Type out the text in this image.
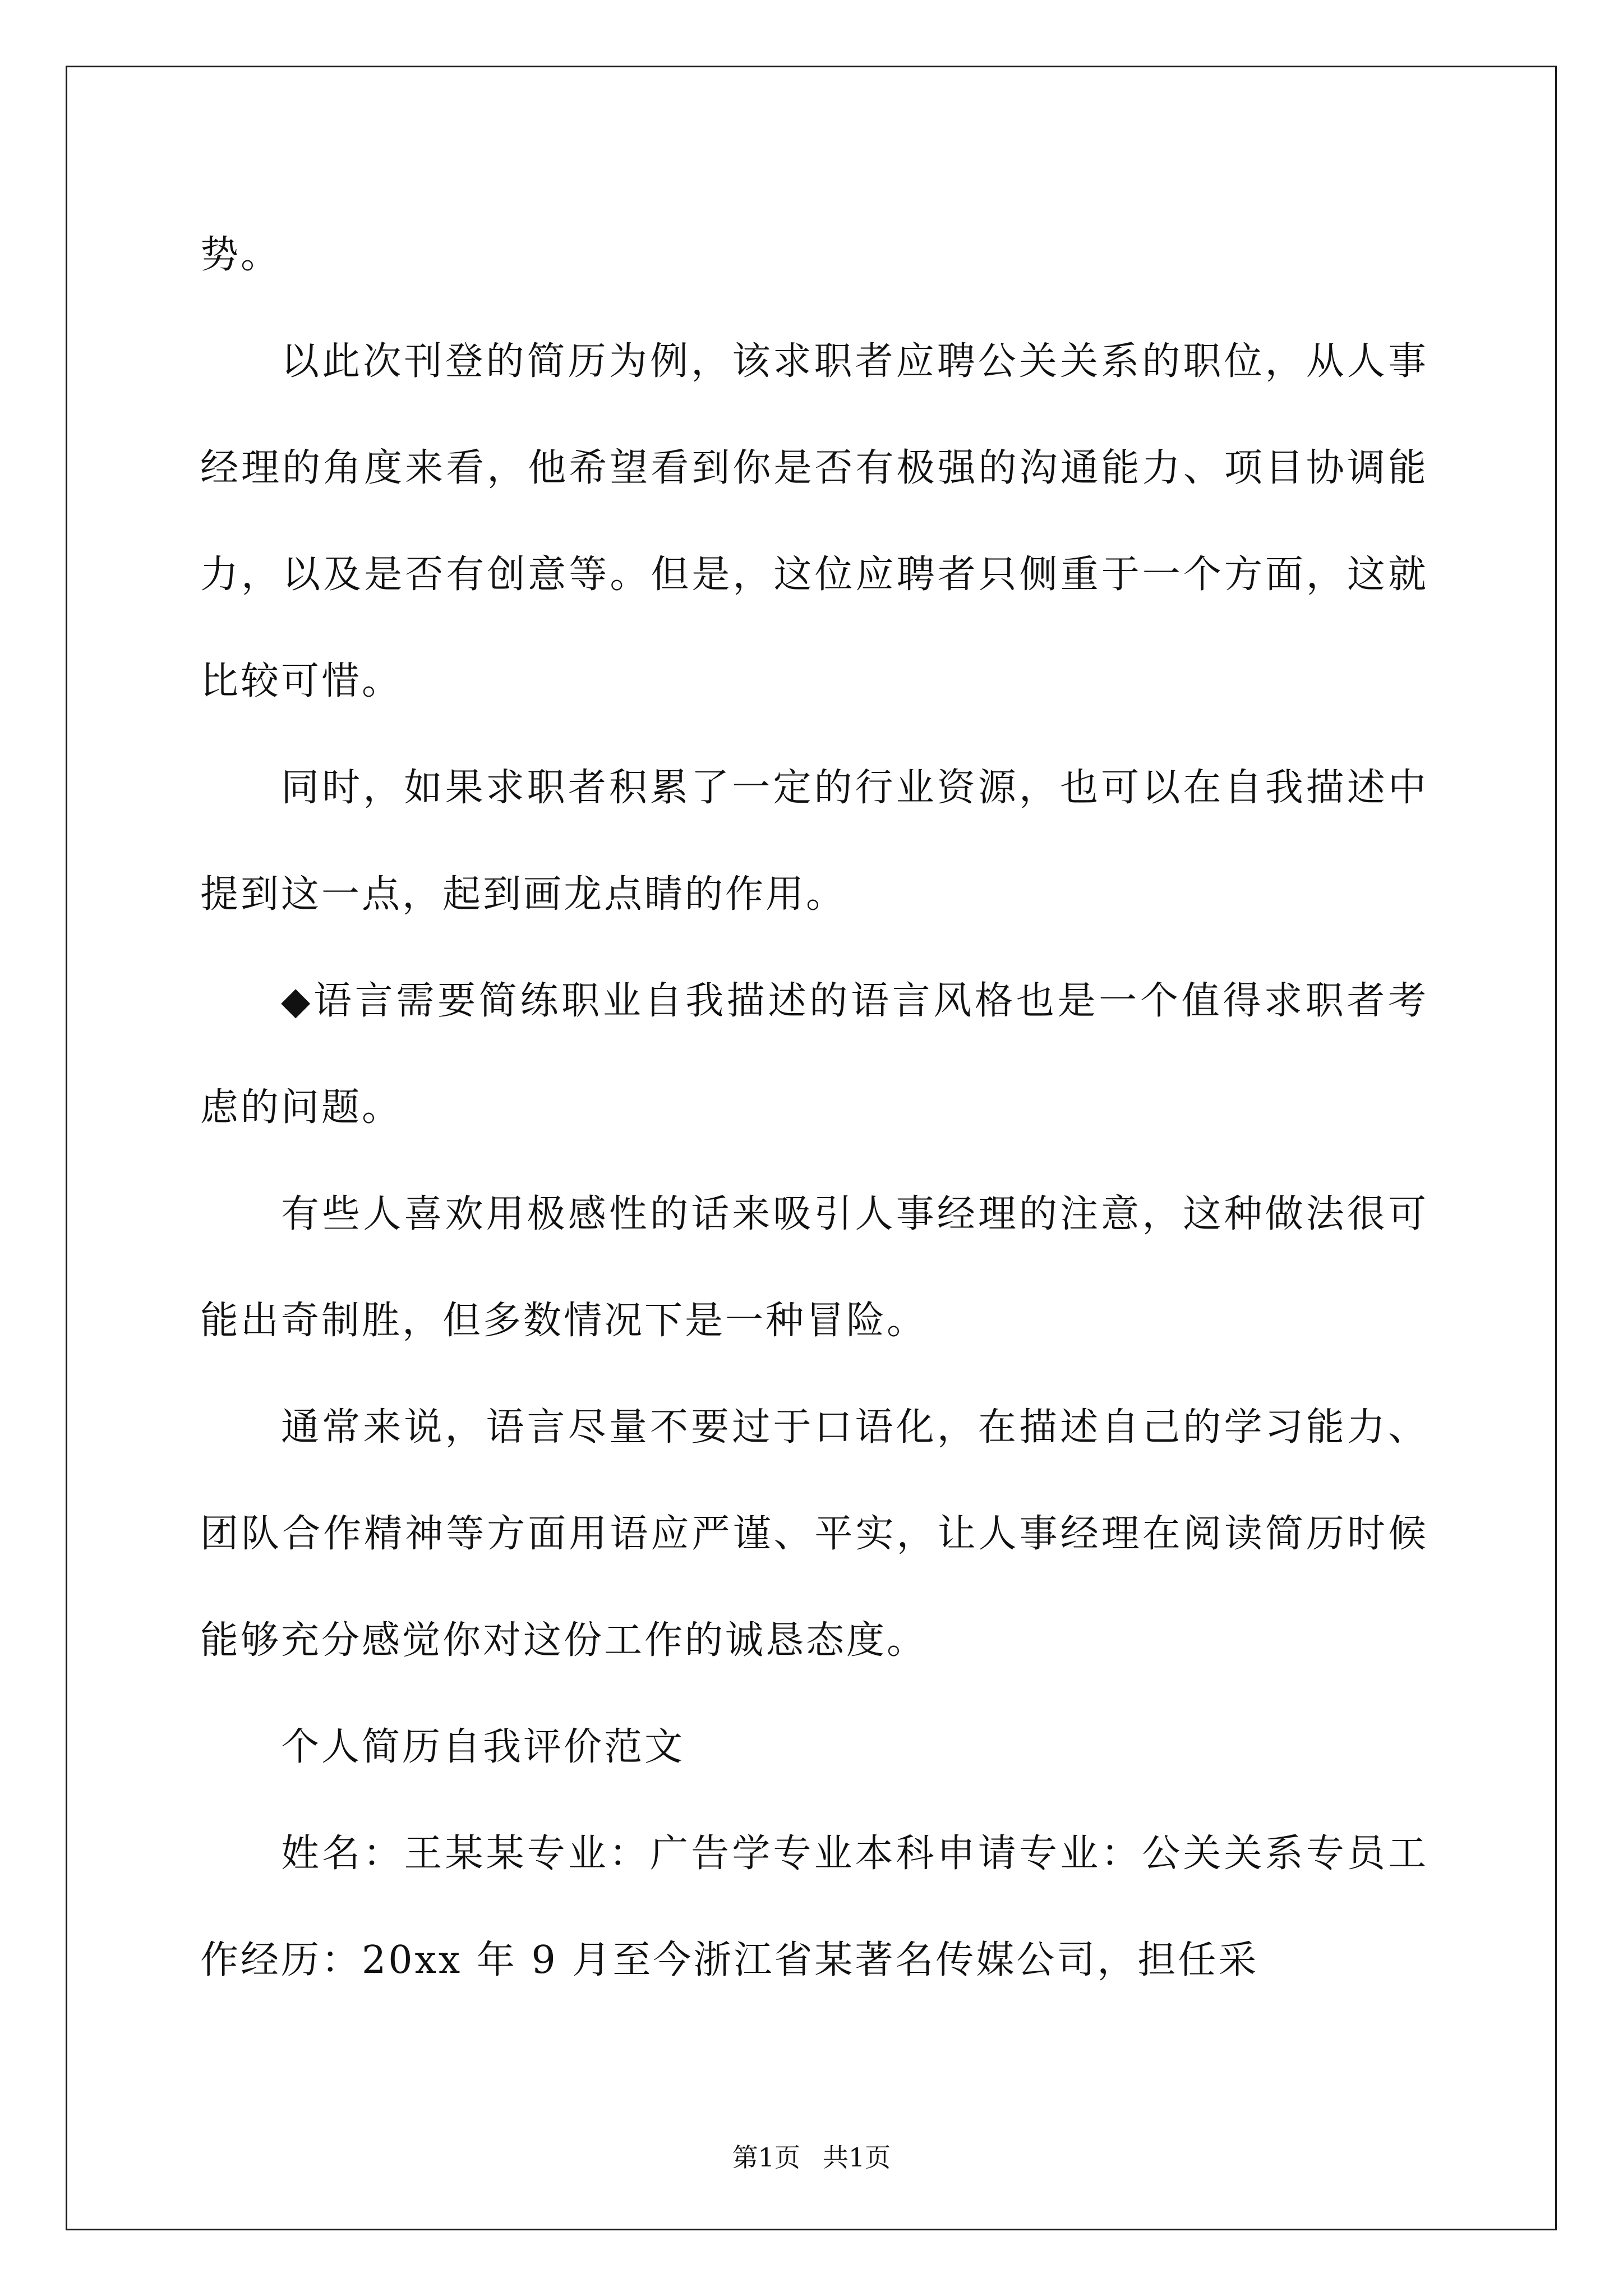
势。

以此次刊登的简历为例，该求职者应聘公关关系的职位，从人事经理的角度来看，他希望看到你是否有极强的沟通能力、项目协调能力，以及是否有创意等。但是，这位应聘者只侧重于一个方面，这就比较可惜。

同时，如果求职者积累了一定的行业资源，也可以在自我描述中提到这一点，起到画龙点睛的作用。

◆语言需要简练职业自我描述的语言风格也是一个值得求职者考虑的问题。

有些人喜欢用极感性的话来吸引人事经理的注意，这种做法很可能出奇制胜，但多数情况下是一种冒险。

通常来说，语言尽量不要过于口语化，在描述自己的学习能力、团队合作精神等方面用语应严谨、平实，让人事经理在阅读简历时候能够充分感觉你对这份工作的诚恳态度。

个人简历自我评价范文

姓名：王某某专业：广告学专业本科申请专业：公关关系专员工作经历：20xx 年 9 月至今浙江省某著名传媒公司，担任采

第1页 共1页
